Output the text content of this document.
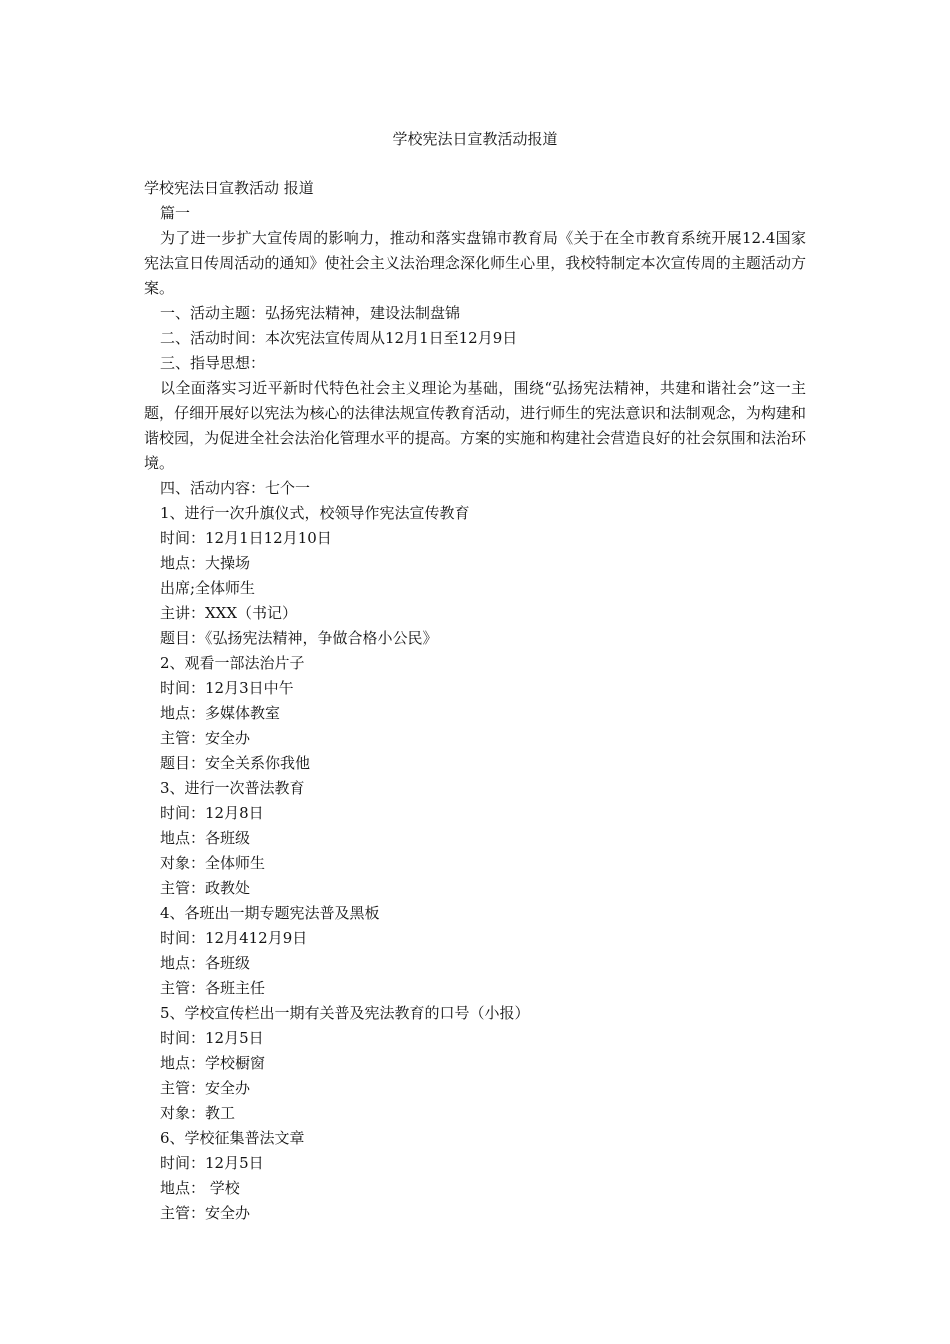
学校宪法日宣教活动报道

学校宪法日宣教活动 报道

篇一

为了进一步扩大宣传周的影响力，推动和落实盘锦市教育局《关于在全市教育系统开展12.4国家宪法宣日传周活动的通知》使社会主义法治理念深化师生心里，我校特制定本次宣传周的主题活动方案。

一、活动主题：弘扬宪法精神，建设法制盘锦

二、活动时间：本次宪法宣传周从12月1日至12月9日

三、指导思想：

以全面落实习近平新时代特色社会主义理论为基础，围绕“弘扬宪法精神，共建和谐社会”这一主题，仔细开展好以宪法为核心的法律法规宣传教育活动，进行师生的宪法意识和法制观念，为构建和谐校园，为促进全社会法治化管理水平的提高。方案的实施和构建社会营造良好的社会氛围和法治环境。

四、活动内容：七个一

1、进行一次升旗仪式，校领导作宪法宣传教育

时间：12月1日12月10日

地点：大操场

出席;全体师生

主讲：XXX（书记）

题目：《弘扬宪法精神，争做合格小公民》

2、观看一部法治片子

时间：12月3日中午

地点：多媒体教室

主管：安全办

题目：安全关系你我他

3、进行一次普法教育

时间：12月8日

地点：各班级

对象：全体师生

主管：政教处

4、各班出一期专题宪法普及黑板

时间：12月412月9日

地点：各班级

主管：各班主任

5、学校宣传栏出一期有关普及宪法教育的口号（小报）

时间：12月5日

地点：学校橱窗

主管：安全办

对象：教工

6、学校征集普法文章

时间：12月5日

地点： 学校

主管：安全办
